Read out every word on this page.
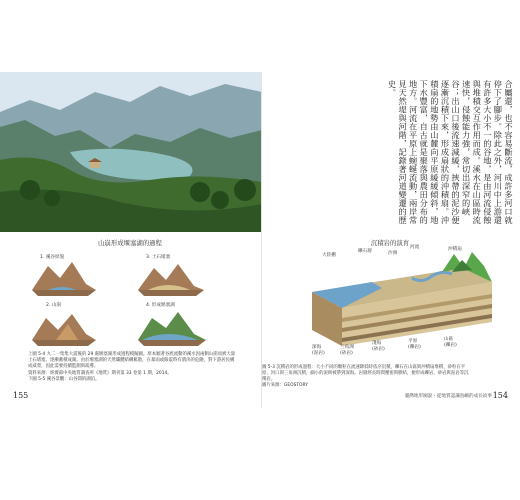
山崩形成堰塞湖的過程
1. 溪谷原貌	3. 土石堵塞
2. 山崩	4. 形成堰塞湖
上圖 5-4 九二一集集大震後的 29 處堰塞湖形成過程模擬圖。原本順著谷底流動的溪水因兩側山崩而被大量土石堵塞，逐漸蓄積成湖。由於堰塞湖的天然壩體結構鬆散，在暴雨或餘震時有潰決的危險，對下游居民構成威脅，因此需要持續監測與疏導。
資料來源：經濟部中央地質調查所《地質》期刊第 33 卷第 1 期，2014。
下圖 5-5 溪谷景觀：山谷間的湖泊。
155
合屬還，也不容易斷流，成許多河口就停下了腳步。除此之外，河川中上游還有許多大小不一的谷地，是由河流侵蝕與堆積交互作用而成。溪水在山區時流速快，侵蝕能力強，常切出深窄的峽谷；出山口後流速減緩，挾帶的泥沙便逐漸沉積下來，形成扇狀的沖積扇。沖積扇的地勢由山麓向平原緩緩傾斜，地下水豐富，自古就是聚落與農田分布的地方。河流在平原上蜿蜒流動，兩岸常見天然堤與河階，記錄著河道變遷的歷史。
沉積岩的演育
大陸棚
礫石層	沙洲
河流	沖積扇
深海	三角洲
淺海	平原	山區
(泥岩)	(砂岩)
(砂岩)	(礫岩)	(礫岩)
圖 5-3 沉積岩的形成過程：大小不同的顆粒在流速降低時依序沉積，礫石在山區與沖積扇堆積，砂粒在平原、河口與三角洲沉積，細小的泥則被帶到深海。岩層經長時間壓密與膠結，便形成礫岩、砂岩與泥岩等沉積岩。
圖片來源：GEOSTORY
臺灣地形圖說・從地質認識島嶼的成長故事 154
